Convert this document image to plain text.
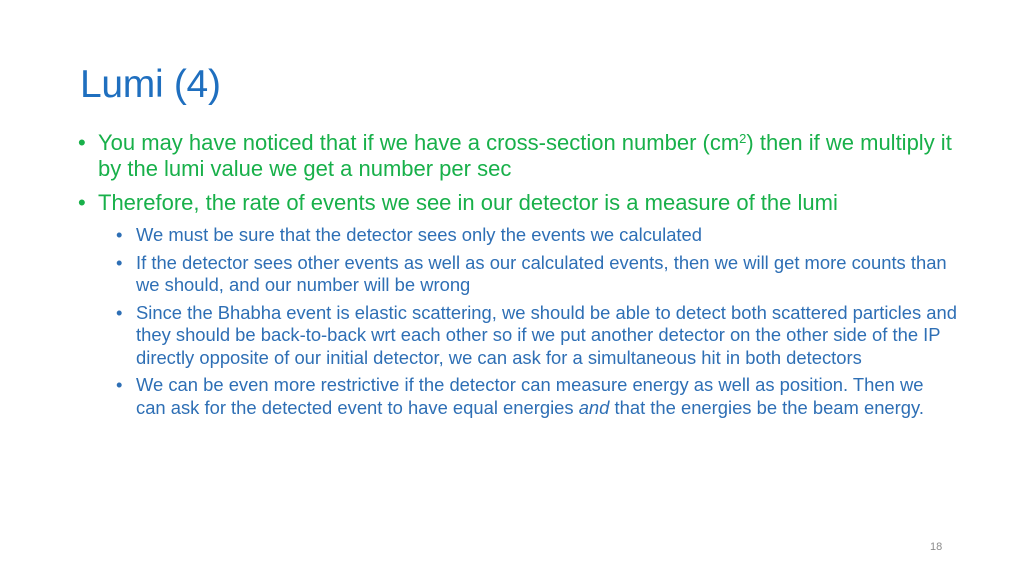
Lumi (4)
• You may have noticed that if we have a cross-section number $(cm^2)$ then if we multiply it by the lumi value we get a number per sec
• Therefore, the rate of events we see in our detector is a measure of the lumi
• We must be sure that the detector sees only the events we calculated
• If the detector sees other events as well as our calculated events, then we will get more counts than we should, and our number will be wrong
• Since the Bhabha event is elastic scattering, we should be able to detect both scattered particles and they should be back-to-back wrt each other so if we put another detector on the other side of the IP directly opposite of our initial detector, we can ask for a simultaneous hit in both detectors
• We can be even more restrictive if the detector can measure energy as well as position. Then we can ask for the detected event to have equal energies and that the energies be the beam energy.
18
